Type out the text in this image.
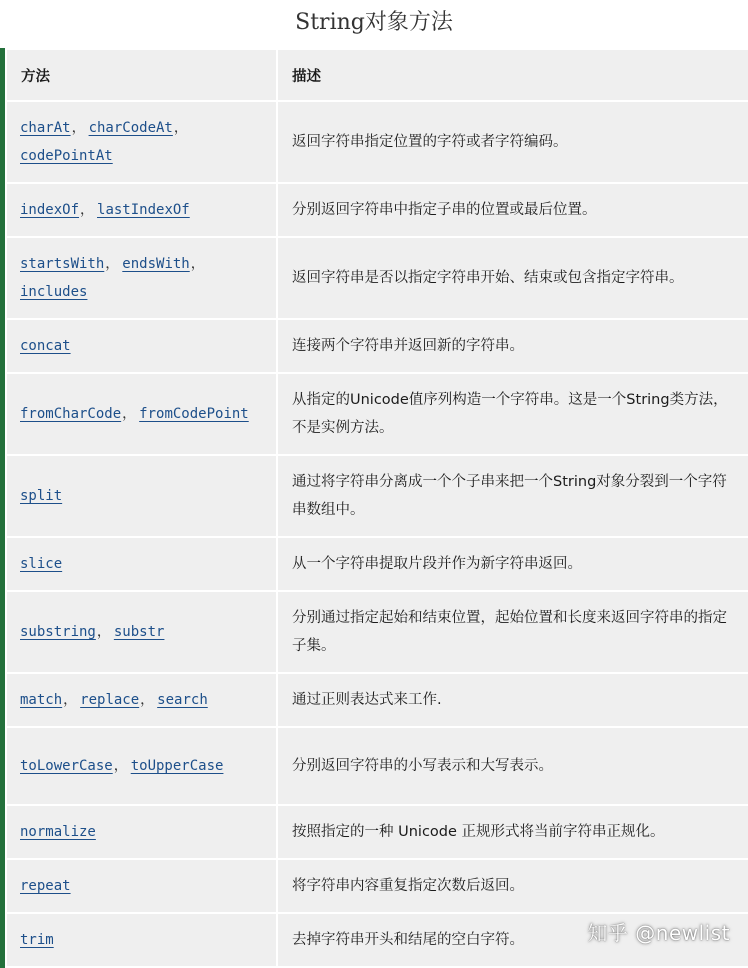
String对象方法
方法	描述
charAt， charCodeAt，codePointAt	返回字符串指定位置的字符或者字符编码。
indexOf， lastIndexOf	分别返回字符串中指定子串的位置或最后位置。
startsWith， endsWith，includes	返回字符串是否以指定字符串开始、结束或包含指定字符串。
concat	连接两个字符串并返回新的字符串。
fromCharCode， fromCodePoint	从指定的Unicode值序列构造一个字符串。这是一个String类方法，不是实例方法。
split	通过将字符串分离成一个个子串来把一个String对象分裂到一个字符串数组中。
slice	从一个字符串提取片段并作为新字符串返回。
substring， substr	分别通过指定起始和结束位置，起始位置和长度来返回字符串的指定子集。
match， replace， search	通过正则表达式来工作.
toLowerCase， toUpperCase	分别返回字符串的小写表示和大写表示。
normalize	按照指定的一种 Unicode 正规形式将当前字符串正规化。
repeat	将字符串内容重复指定次数后返回。
trim	去掉字符串开头和结尾的空白字符。	知乎 @newlist
